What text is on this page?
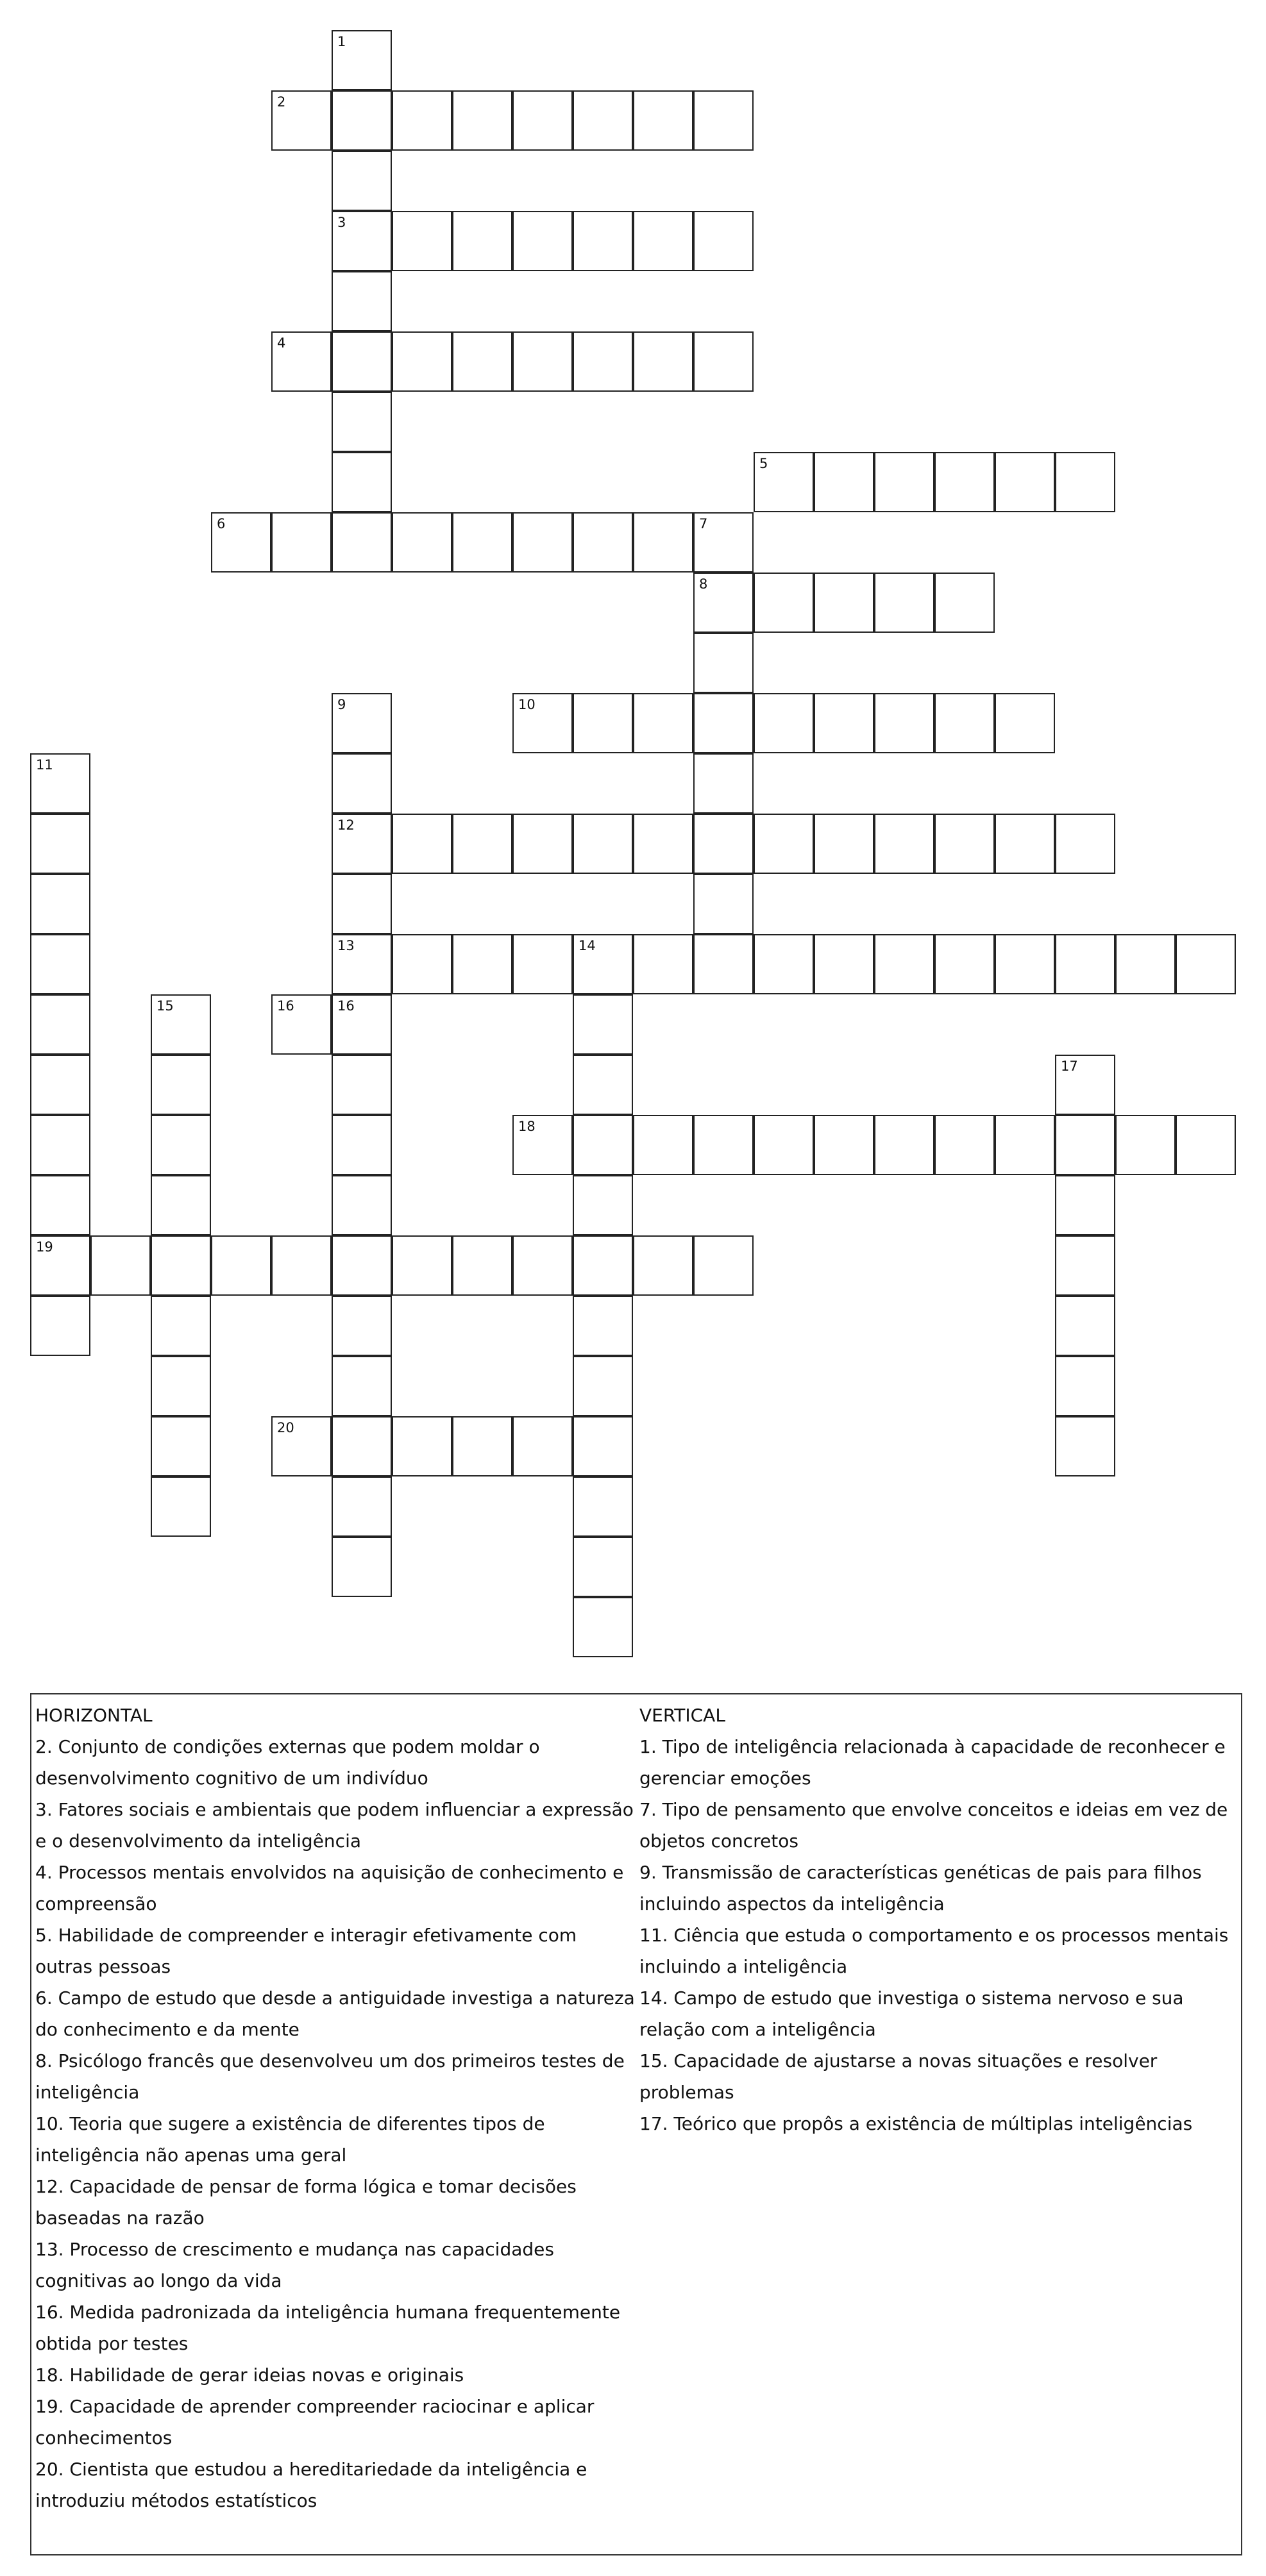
1
3
2
4
5
6	7
8
9
12
10
11
19
13	14
15	16	16
17
18
20
HORIZONTAL
2. Conjunto de condições externas que podem moldar o desenvolvimento cognitivo de um indivíduo
3. Fatores sociais e ambientais que podem influenciar a expressão e o desenvolvimento da inteligência
4. Processos mentais envolvidos na aquisição de conhecimento e compreensão
5. Habilidade de compreender e interagir efetivamente com outras pessoas
6. Campo de estudo que desde a antiguidade investiga a natureza do conhecimento e da mente
8. Psicólogo francês que desenvolveu um dos primeiros testes de inteligência
10. Teoria que sugere a existência de diferentes tipos de inteligência não apenas uma geral
12. Capacidade de pensar de forma lógica e tomar decisões baseadas na razão
13. Processo de crescimento e mudança nas capacidades cognitivas ao longo da vida
16. Medida padronizada da inteligência humana frequentemente obtida por testes
18. Habilidade de gerar ideias novas e originais
19. Capacidade de aprender compreender raciocinar e aplicar conhecimentos
20. Cientista que estudou a hereditariedade da inteligência e introduziu métodos estatísticos
VERTICAL
1. Tipo de inteligência relacionada à capacidade de reconhecer e gerenciar emoções
7. Tipo de pensamento que envolve conceitos e ideias em vez de objetos concretos
9. Transmissão de características genéticas de pais para filhos incluindo aspectos da inteligência
11. Ciência que estuda o comportamento e os processos mentais incluindo a inteligência
14. Campo de estudo que investiga o sistema nervoso e sua relação com a inteligência
15. Capacidade de ajustarse a novas situações e resolver problemas
17. Teórico que propôs a existência de múltiplas inteligências
